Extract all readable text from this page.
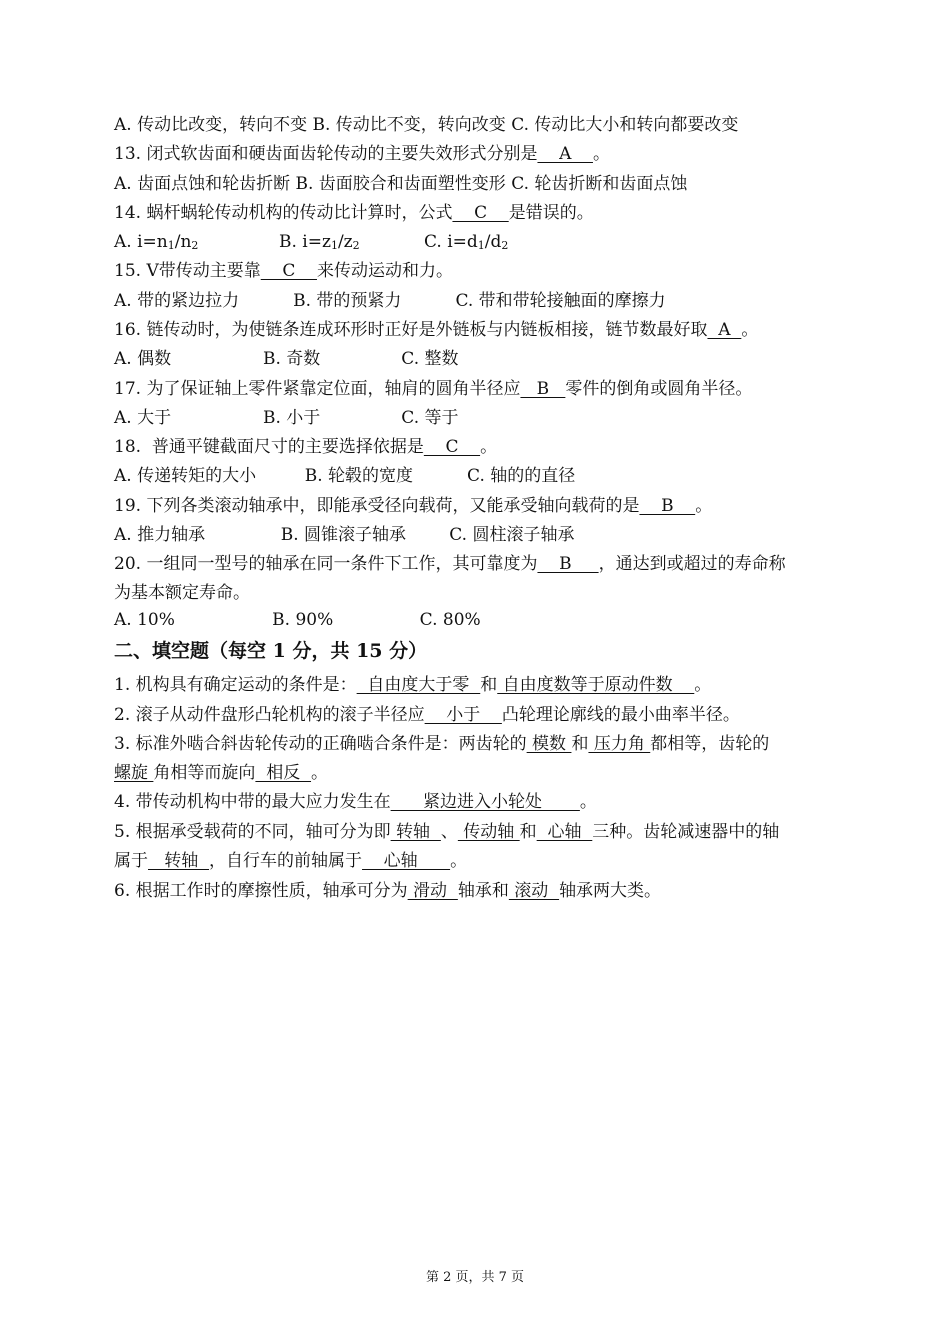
A. 传动比改变，转向不变 B. 传动比不变，转向改变 C. 传动比大小和转向都要改变
13. 闭式软齿面和硬齿面齿轮传动的主要失效形式分别是    A    。
A. 齿面点蚀和轮齿折断 B. 齿面胶合和齿面塑性变形 C. 轮齿折断和齿面点蚀
14. 蜗杆蜗轮传动机构的传动比计算时，公式    C    是错误的。
A. $i=n_1/n_2$	B. $i=z_1/z_2$	C. $i=d_1/d_2$
15. V带传动主要靠    C    来传动运动和力。
A. 带的紧边拉力          B. 带的预紧力          C. 带和带轮接触面的摩擦力
16. 链传动时，为使链条连成环形时正好是外链板与内链板相接，链节数最好取  A  。
A. 偶数                 B. 奇数               C. 整数
17. 为了保证轴上零件紧靠定位面，轴肩的圆角半径应   B   零件的倒角或圆角半径。
A. 大于                 B. 小于               C. 等于
18.  普通平键截面尺寸的主要选择依据是    C    。
A. 传递转矩的大小         B. 轮毂的宽度          C. 轴的的直径
19. 下列各类滚动轴承中，即能承受径向载荷，又能承受轴向载荷的是    B    。
A. 推力轴承              B. 圆锥滚子轴承        C. 圆柱滚子轴承
20. 一组同一型号的轴承在同一条件下工作，其可靠度为    B     ，通达到或超过的寿命称
为基本额定寿命。
A. 10%                  B. 90%                C. 80%
二、填空题（每空 1 分，共 15 分）
1. 机构具有确定运动的条件是：  自由度大于零  和 自由度数等于原动件数    。
2. 滚子从动件盘形凸轮机构的滚子半径应    小于    凸轮理论廓线的最小曲率半径。
3. 标准外啮合斜齿轮传动的正确啮合条件是：两齿轮的 模数 和 压力角 都相等，齿轮的
螺旋 角相等而旋向  相反  。
4. 带传动机构中带的最大应力发生在      紧边进入小轮处       。
5. 根据承受载荷的不同，轴可分为即 转轴  、 传动轴 和  心轴  三种。齿轮减速器中的轴
属于   转轴  ，自行车的前轴属于    心轴      。
6. 根据工作时的摩擦性质，轴承可分为 滑动  轴承和 滚动  轴承两大类。
第 2 页，共 7 页
